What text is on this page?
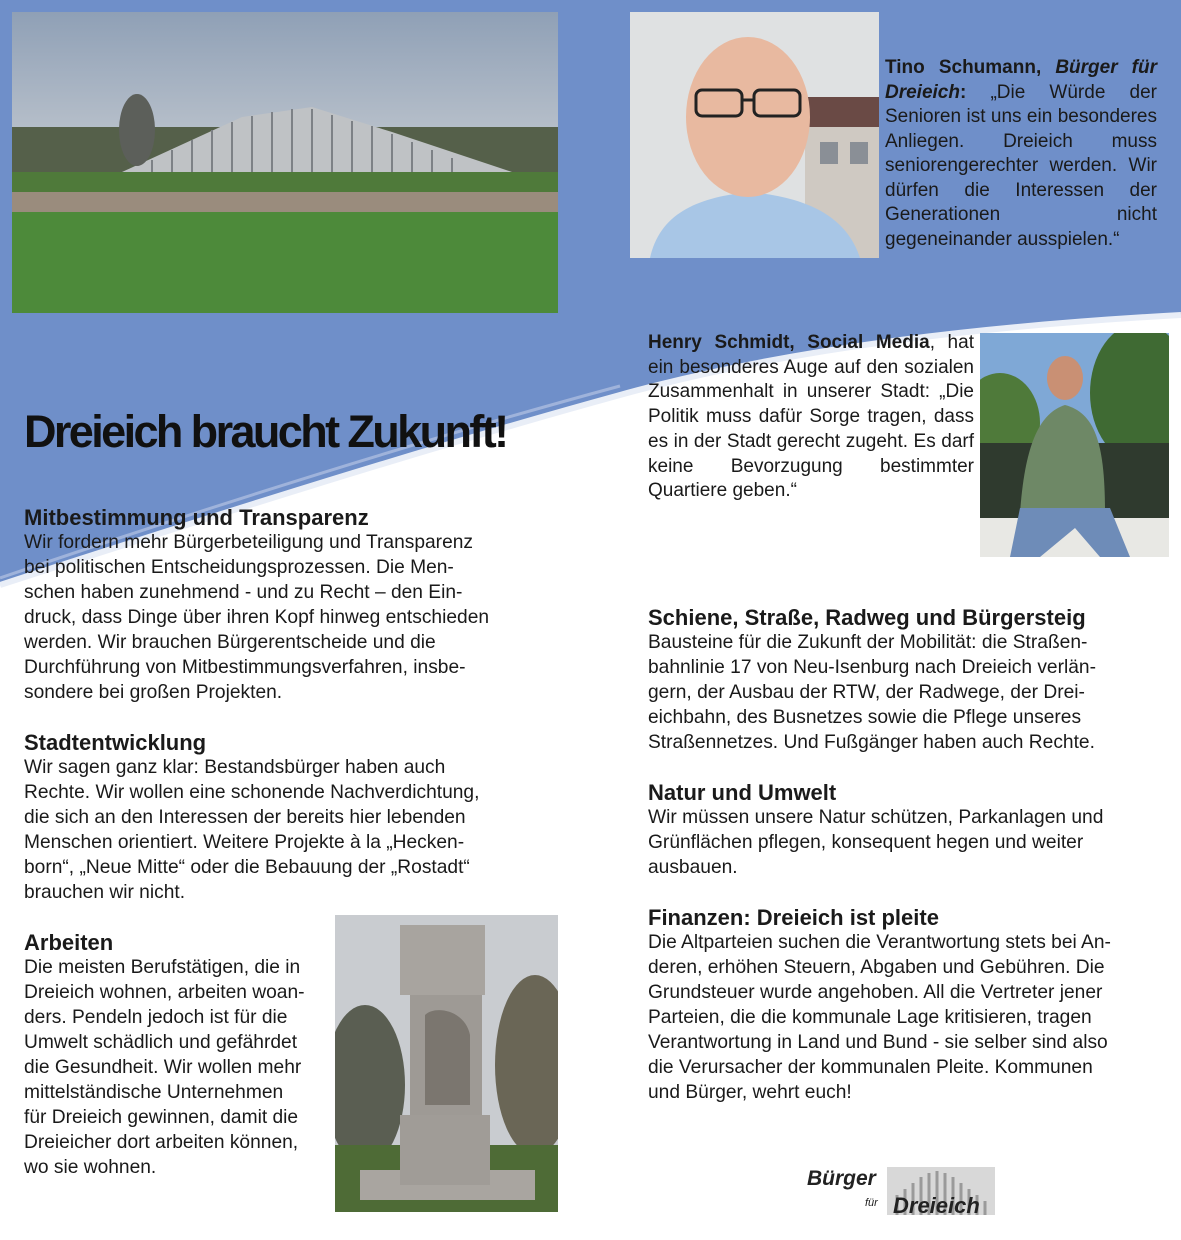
Tino Schumann, Bürger für Dreieich: „Die Würde der Senioren ist uns ein besonderes Anliegen. Dreieich muss seniorengerechter werden. Wir dürfen die Interessen der Generationen nicht gegeneinander ausspielen.“
Henry Schmidt, Social Media, hat ein besonderes Auge auf den sozialen Zusammenhalt in unserer Stadt: „Die Politik muss dafür Sorge tragen, dass es in der Stadt gerecht zugeht. Es darf keine Bevorzugung bestimmter Quartiere geben.“
Dreieich braucht Zukunft!
Mitbestimmung und Transparenz
Wir fordern mehr Bürgerbeteiligung und Transparenz
bei politischen Entscheidungsprozessen. Die Men-
schen haben zunehmend - und zu Recht – den Ein-
druck, dass Dinge über ihren Kopf hinweg entschieden
werden. Wir brauchen Bürgerentscheide und die
Durchführung von Mitbestimmungsverfahren, insbe-
sondere bei großen Projekten.
Stadtentwicklung
Wir sagen ganz klar: Bestandsbürger haben auch
Rechte. Wir wollen eine schonende Nachverdichtung,
die sich an den Interessen der bereits hier lebenden
Menschen orientiert. Weitere Projekte à la „Hecken-
born“, „Neue Mitte“ oder die Bebauung der „Rostadt“
brauchen wir nicht.
Arbeiten
Die meisten Berufstätigen, die in
Dreieich wohnen, arbeiten woan-
ders. Pendeln jedoch ist für die
Umwelt schädlich und gefährdet
die Gesundheit. Wir wollen mehr
mittelständische Unternehmen
für Dreieich gewinnen, damit die
Dreieicher dort arbeiten können,
wo sie wohnen.
Schiene, Straße, Radweg und Bürgersteig
Bausteine für die Zukunft der Mobilität: die Straßen-
bahnlinie 17 von Neu-Isenburg nach Dreieich verlän-
gern, der Ausbau der RTW, der Radwege, der Drei-
eichbahn, des Busnetzes sowie die Pflege unseres
Straßennetzes. Und Fußgänger haben auch Rechte.
Natur und Umwelt
Wir müssen unsere Natur schützen, Parkanlagen und
Grünflächen pflegen, konsequent hegen und weiter
ausbauen.
Finanzen: Dreieich ist pleite
Die Altparteien suchen die Verantwortung stets bei An-
deren, erhöhen Steuern, Abgaben und Gebühren. Die
Grundsteuer wurde angehoben. All die Vertreter jener
Parteien, die die kommunale Lage kritisieren, tragen
Verantwortung in Land und Bund - sie selber sind also
die Verursacher der kommunalen Pleite. Kommunen
und Bürger, wehrt euch!
Bürger
für Dreieich
